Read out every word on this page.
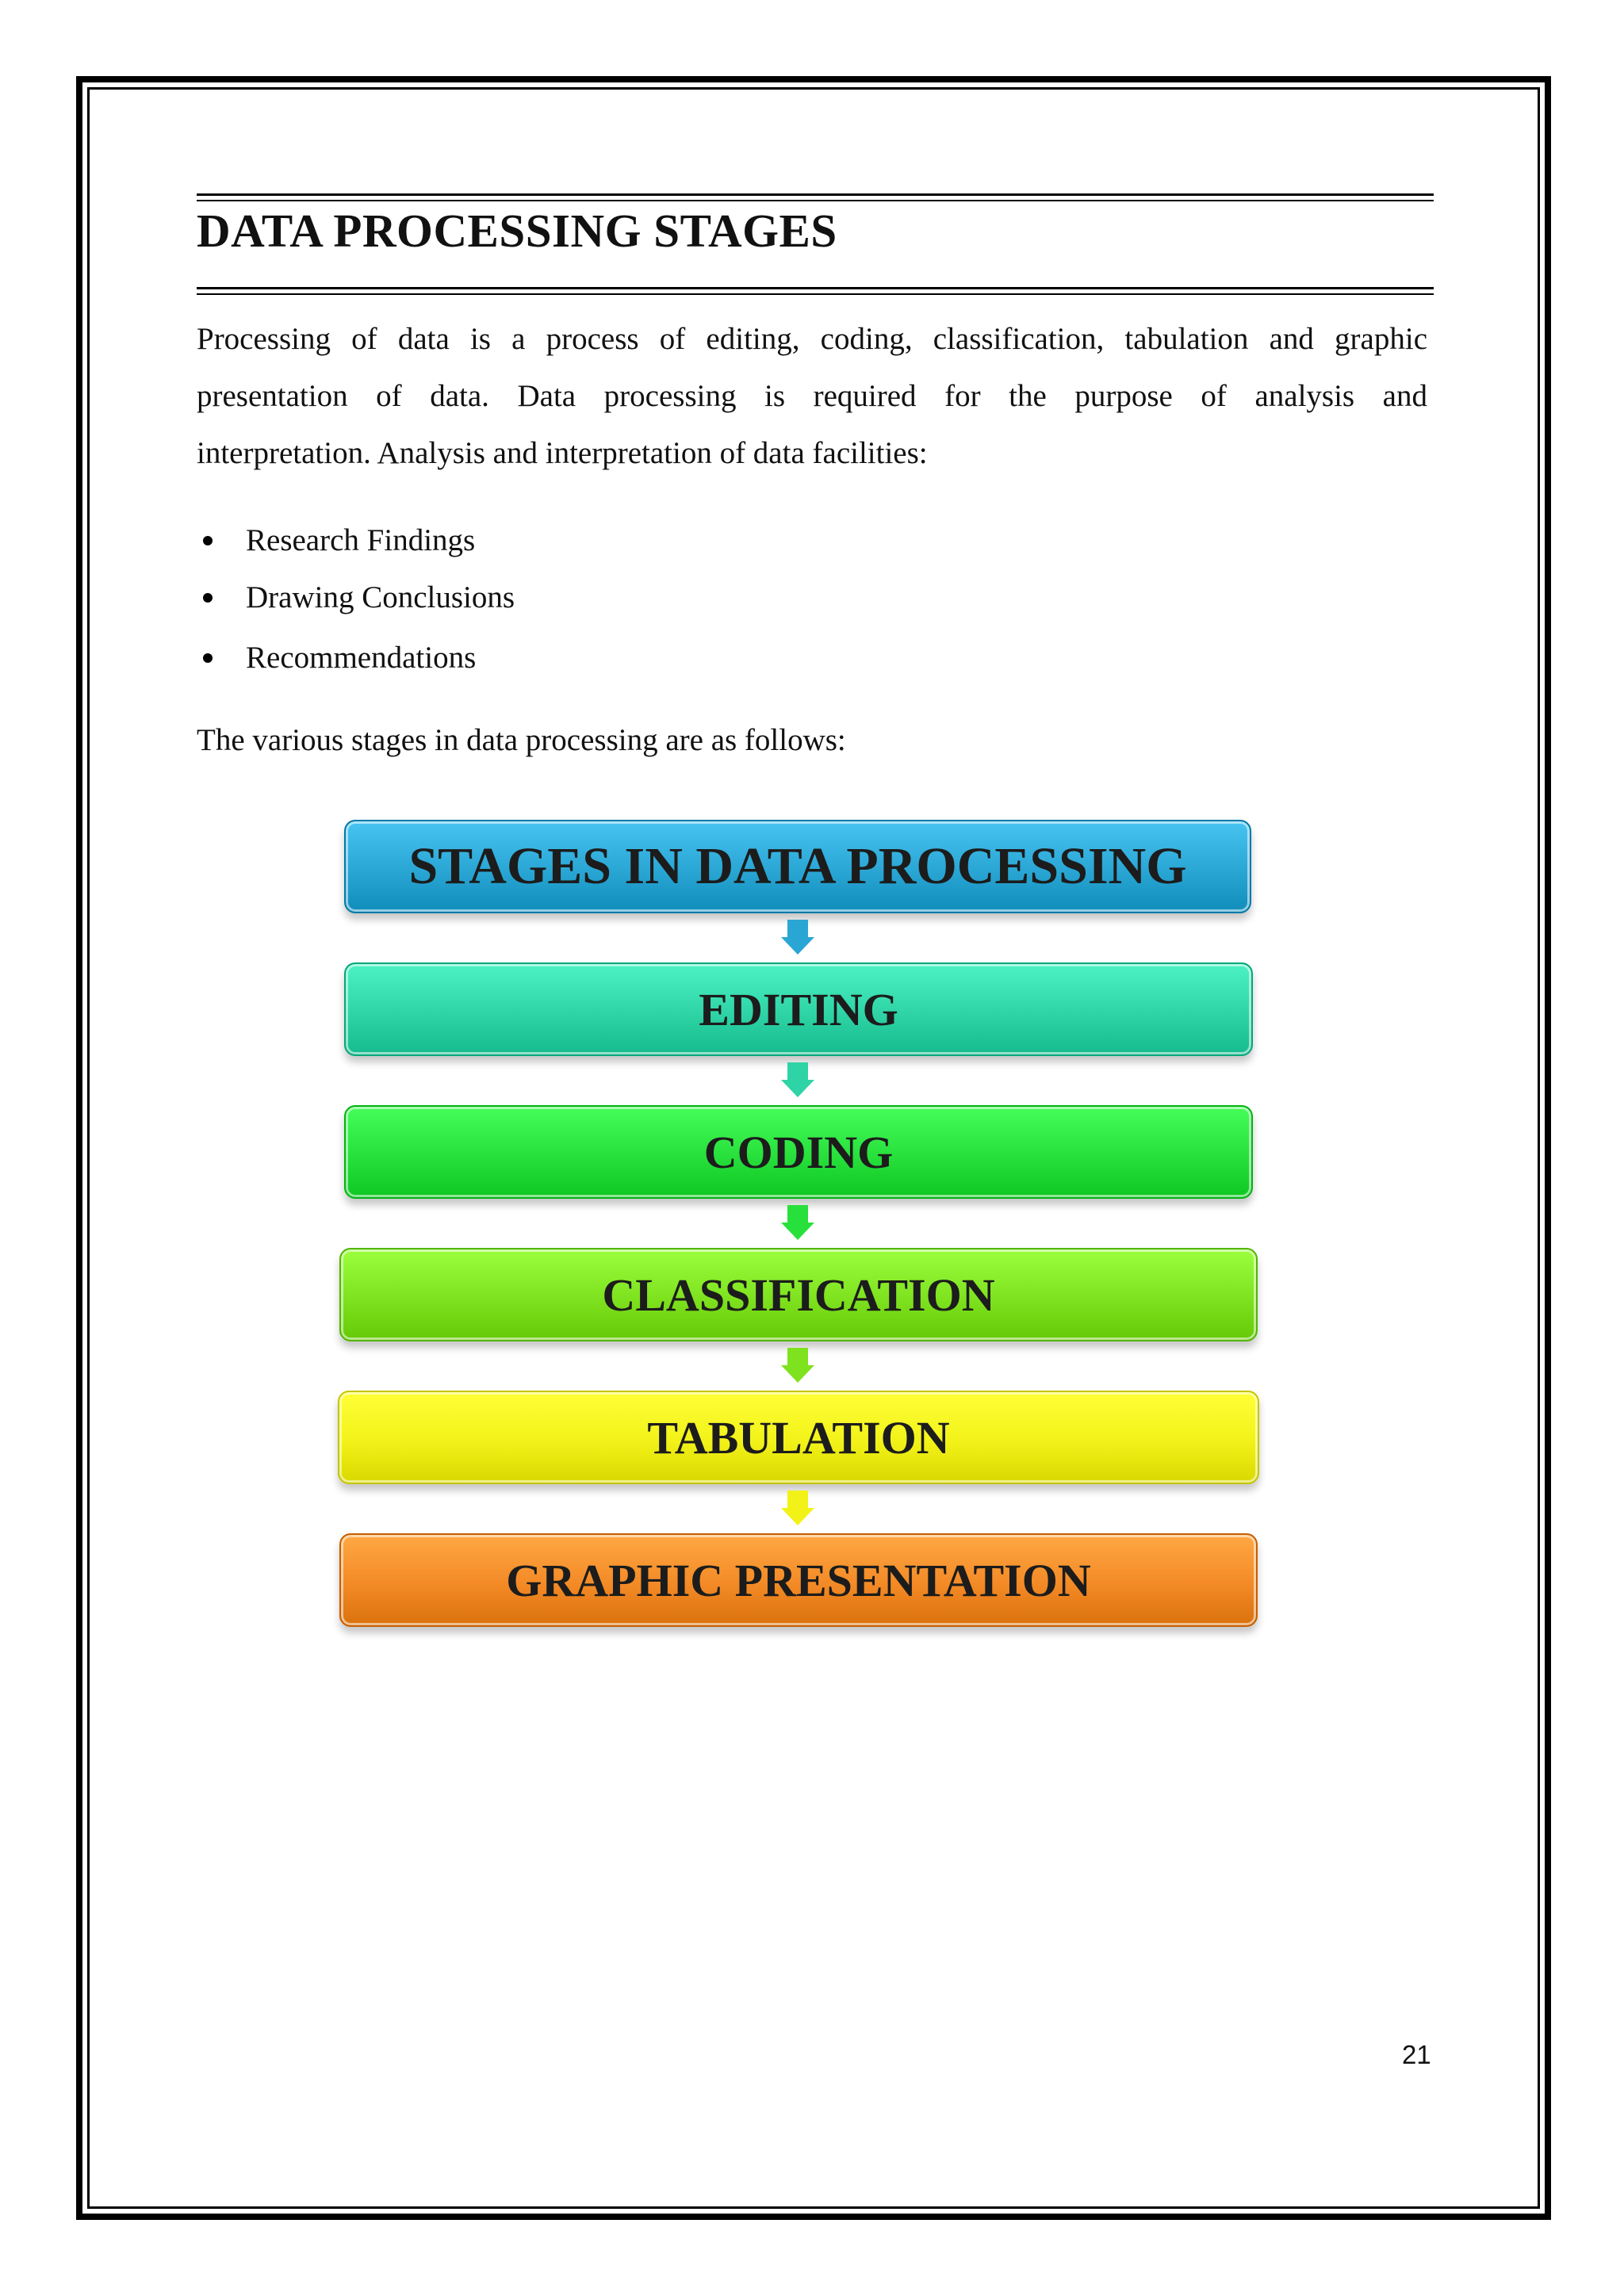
DATA PROCESSING STAGES
Processing of data is a process of editing, coding, classification, tabulation and graphic
presentation of data. Data processing is required for the purpose of analysis and
interpretation. Analysis and interpretation of data facilities:
Research Findings
Drawing Conclusions
Recommendations
The various stages in data processing are as follows:
STAGES IN DATA PROCESSING
EDITING
CODING
CLASSIFICATION
TABULATION
GRAPHIC PRESENTATION
21
